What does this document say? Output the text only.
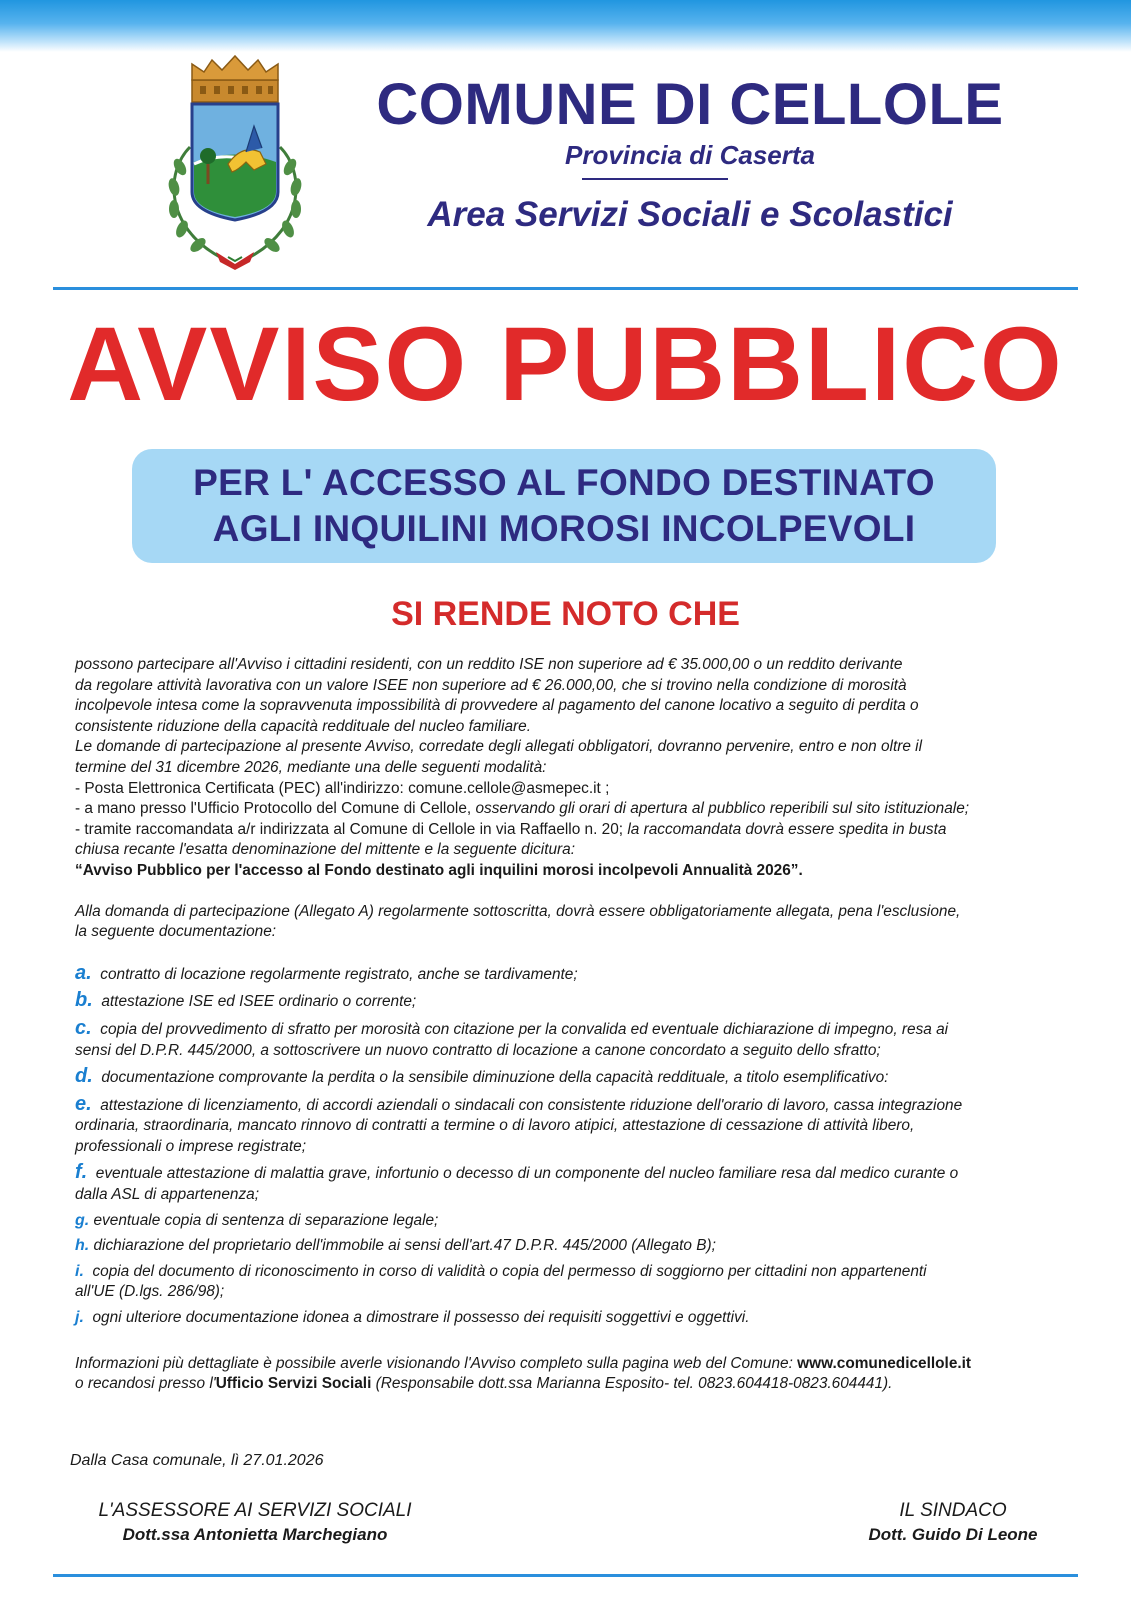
COMUNE DI CELLOLE
Provincia di Caserta
Area Servizi Sociali e Scolastici
AVVISO PUBBLICO
PER L' ACCESSO AL FONDO DESTINATO
AGLI INQUILINI MOROSI INCOLPEVOLI
SI RENDE NOTO CHE

possono partecipare all'Avviso i cittadini residenti, con un reddito ISE non superiore ad € 35.000,00 o un reddito derivante
da regolare attività lavorativa con un valore ISEE non superiore ad € 26.000,00, che si trovino nella condizione di morosità
incolpevole intesa come la sopravvenuta impossibilità di provvedere al pagamento del canone locativo a seguito di perdita o
consistente riduzione della capacità reddituale del nucleo familiare.
Le domande di partecipazione al presente Avviso, corredate degli allegati obbligatori, dovranno pervenire, entro e non oltre il
termine del 31 dicembre 2026, mediante una delle seguenti modalità:

- Posta Elettronica Certificata (PEC) all'indirizzo: comune.cellole@asmepec.it ;

- a mano presso l'Ufficio Protocollo del Comune di Cellole, osservando gli orari di apertura al pubblico reperibili sul sito istituzionale;

- tramite raccomandata a/r indirizzata al Comune di Cellole in via Raffaello n. 20; la raccomandata dovrà essere spedita in busta
chiusa recante l'esatta denominazione del mittente e la seguente dicitura:

“Avviso Pubblico per l'accesso al Fondo destinato agli inquilini morosi incolpevoli Annualità 2026”.

Alla domanda di partecipazione (Allegato A) regolarmente sottoscritta, dovrà essere obbligatoriamente allegata, pena l'esclusione,
la seguente documentazione:

a. contratto di locazione regolarmente registrato, anche se tardivamente;
b. attestazione ISE ed ISEE ordinario o corrente;
c. copia del provvedimento di sfratto per morosità con citazione per la convalida ed eventuale dichiarazione di impegno, resa ai
sensi del D.P.R. 445/2000, a sottoscrivere un nuovo contratto di locazione a canone concordato a seguito dello sfratto;
d. documentazione comprovante la perdita o la sensibile diminuzione della capacità reddituale, a titolo esemplificativo:
e. attestazione di licenziamento, di accordi aziendali o sindacali con consistente riduzione dell'orario di lavoro, cassa integrazione
ordinaria, straordinaria, mancato rinnovo di contratti a termine o di lavoro atipici, attestazione di cessazione di attività libero,
professionali o imprese registrate;
f. eventuale attestazione di malattia grave, infortunio o decesso di un componente del nucleo familiare resa dal medico curante o
dalla ASL di appartenenza;
g. eventuale copia di sentenza di separazione legale;
h. dichiarazione del proprietario dell'immobile ai sensi dell'art.47 D.P.R. 445/2000 (Allegato B);
i. copia del documento di riconoscimento in corso di validità o copia del permesso di soggiorno per cittadini non appartenenti
all'UE (D.lgs. 286/98);
j. ogni ulteriore documentazione idonea a dimostrare il possesso dei requisiti soggettivi e oggettivi.

Informazioni più dettagliate è possibile averle visionando l'Avviso completo sulla pagina web del Comune: www.comunedicellole.it
o recandosi presso l'Ufficio Servizi Sociali (Responsabile dott.ssa Marianna Esposito- tel. 0823.604418-0823.604441).

Dalla Casa comunale, lì 27.01.2026
L'ASSESSORE AI SERVIZI SOCIALI
Dott.ssa Antonietta Marchegiano
IL SINDACO
Dott. Guido Di Leone
